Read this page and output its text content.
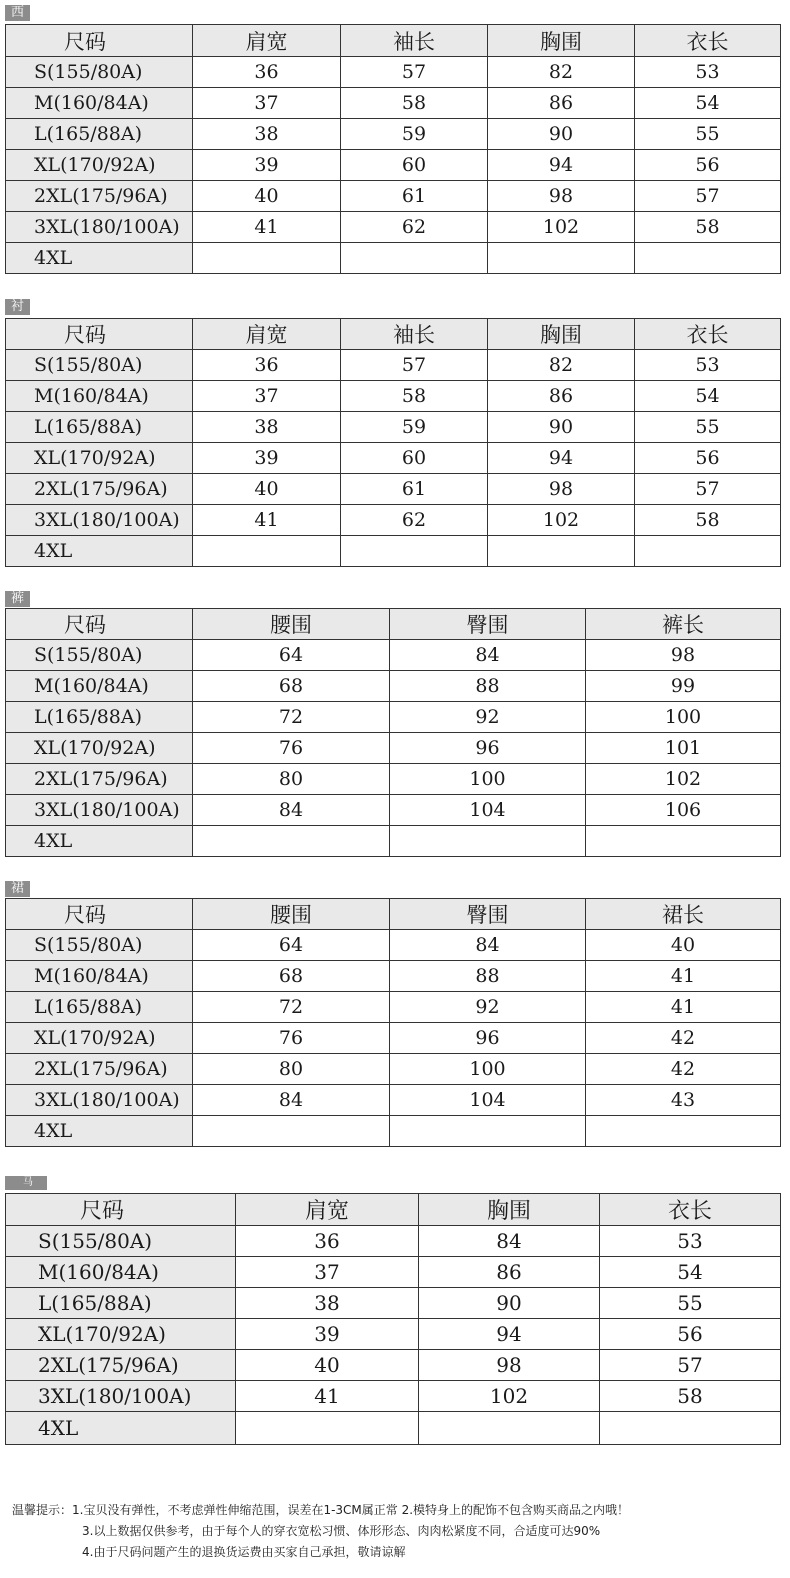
西
尺码	肩宽	袖长	胸围	衣长
S(155/80A)	36	57	82	53
M(160/84A)	37	58	86	54
L(165/88A)	38	59	90	55
XL(170/92A)	39	60	94	56
2XL(175/96A)	40	61	98	57
3XL(180/100A)	41	62	102	58
4XL				
衬
尺码	肩宽	袖长	胸围	衣长
S(155/80A)	36	57	82	53
M(160/84A)	37	58	86	54
L(165/88A)	38	59	90	55
XL(170/92A)	39	60	94	56
2XL(175/96A)	40	61	98	57
3XL(180/100A)	41	62	102	58
4XL				
裤
尺码	腰围	臀围	裤长
S(155/80A)	64	84	98
M(160/84A)	68	88	99
L(165/88A)	72	92	100
XL(170/92A)	76	96	101
2XL(175/96A)	80	100	102
3XL(180/100A)	84	104	106
4XL			
裙
尺码	腰围	臀围	裙长
S(155/80A)	64	84	40
M(160/84A)	68	88	41
L(165/88A)	72	92	41
XL(170/92A)	76	96	42
2XL(175/96A)	80	100	42
3XL(180/100A)	84	104	43
4XL			
马
尺码	肩宽	胸围	衣长
S(155/80A)	36	84	53
M(160/84A)	37	86	54
L(165/88A)	38	90	55
XL(170/92A)	39	94	56
2XL(175/96A)	40	98	57
3XL(180/100A)	41	102	58
4XL			
温馨提示：1.宝贝没有弹性，不考虑弹性伸缩范围，误差在1-3CM属正常 2.模特身上的配饰不包含购买商品之内哦！
3.以上数据仅供参考，由于每个人的穿衣宽松习惯、体形形态、肉肉松紧度不同，合适度可达90%
4.由于尺码问题产生的退换货运费由买家自己承担，敬请谅解
